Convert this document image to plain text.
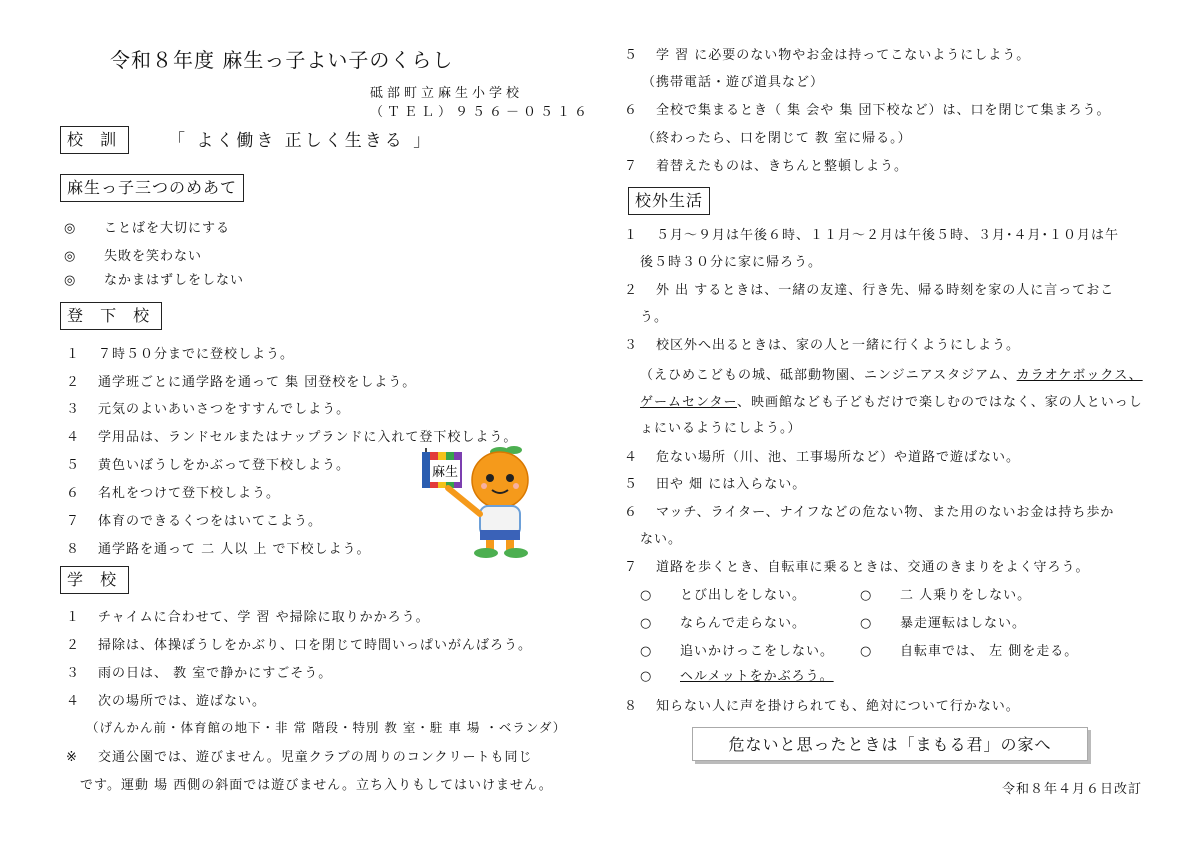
令和８年度 麻生っ子よい子のくらし
砥部町立麻生小学校
（ＴＥＬ）９５６－０５１６
校 訓	「 よく働き 正しく生きる 」
麻生っ子三つのめあて
◎ ことばを大切にする
◎ 失敗を笑わない
◎ なかまはずしをしない
登 下 校
１ ７時５０分までに登校しよう。
２ 通学班ごとに通学路を通って 集 団登校をしよう。
３ 元気のよいあいさつをすすんでしよう。
４ 学用品は、ランドセルまたはナップランドに入れて登下校しよう。
５ 黄色いぼうしをかぶって登下校しよう。
６ 名札をつけて登下校しよう。
７ 体育のできるくつをはいてこよう。
８ 通学路を通って 二 人以 上 で下校しよう。
麻生
学 校
１ チャイムに合わせて、学 習 や掃除に取りかかろう。
２ 掃除は、体操ぼうしをかぶり、口を閉じて時間いっぱいがんばろう。
３ 雨の日は、 教 室で静かにすごそう。
４ 次の場所では、遊ばない。
（げんかん前・体育館の地下・非 常 階段・特別 教 室・駐 車 場 ・ベランダ）
※ 交通公園では、遊びません。児童クラブの周りのコンクリートも同じ
です。運動 場 西側の斜面では遊びません。立ち入りもしてはいけません。
５ 学 習 に必要のない物やお金は持ってこないようにしよう。
（携帯電話・遊び道具など）
６ 全校で集まるとき（ 集 会や 集 団下校など）は、口を閉じて集まろう。
（終わったら、口を閉じて 教 室に帰る。）
７ 着替えたものは、きちんと整頓しよう。
校外生活
１ ５月～９月は午後６時、１１月～２月は午後５時、３月･４月･１０月は午
後５時３０分に家に帰ろう。
２ 外 出 するときは、一緒の友達、行き先、帰る時刻を家の人に言っておこ
う。
３ 校区外へ出るときは、家の人と一緒に行くようにしよう。
（えひめこどもの城、砥部動物園、ニンジニアスタジアム、カラオケボックス、
ゲームセンター、映画館なども子どもだけで楽しむのではなく、家の人といっし
ょにいるようにしよう。）
４ 危ない場所（川、池、工事場所など）や道路で遊ばない。
５ 田や 畑 には入らない。
６ マッチ、ライター、ナイフなどの危ない物、また用のないお金は持ち歩か
ない。
７ 道路を歩くとき、自転車に乗るときは、交通のきまりをよく守ろう。
○ とび出しをしない。	○ 二 人乗りをしない。
○ ならんで走らない。	○ 暴走運転はしない。
○ 追いかけっこをしない。 ○ 自転車では、 左 側を走る。
○ ヘルメットをかぶろう。
８ 知らない人に声を掛けられても、絶対について行かない。
危ないと思ったときは「まもる君」の家へ
令和８年４月６日改訂
